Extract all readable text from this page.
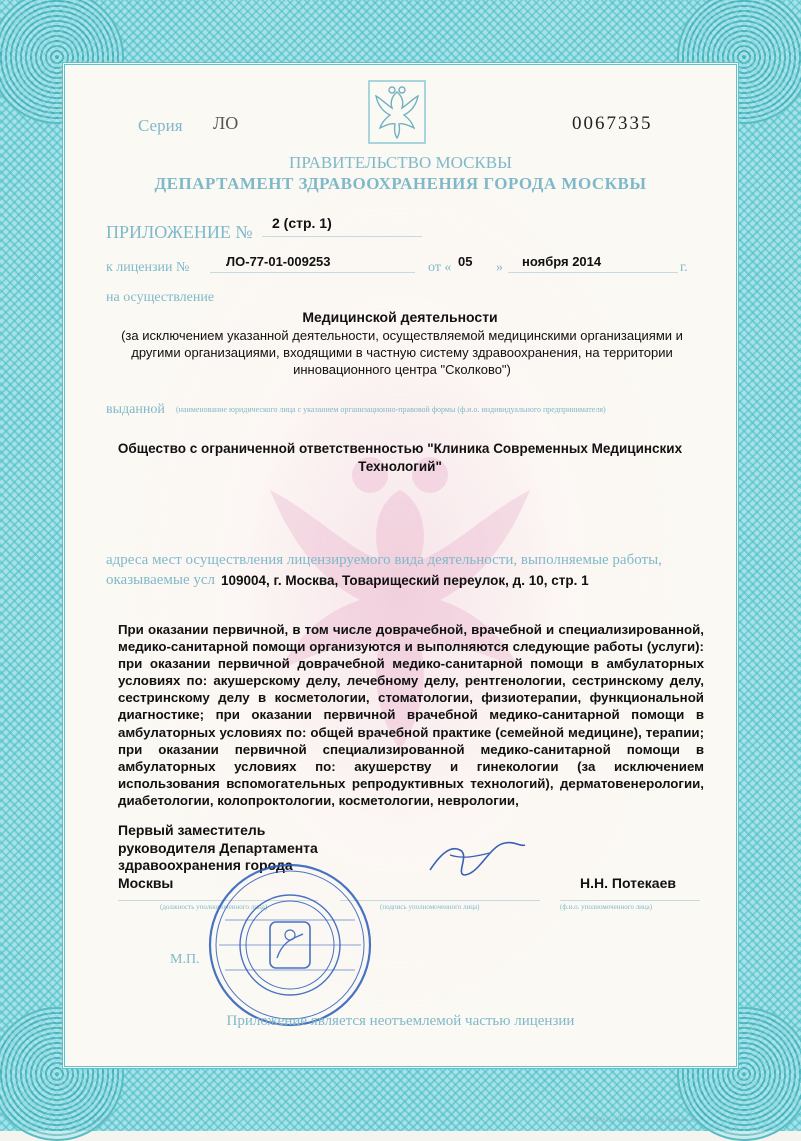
Серия ЛО	0067335
ПРАВИТЕЛЬСТВО МОСКВЫ
ДЕПАРТАМЕНТ ЗДРАВООХРАНЕНИЯ ГОРОДА МОСКВЫ
ПРИЛОЖЕНИЕ № 2 (стр. 1)
к лицензии №	ЛО-77-01-009253	от « 05 » ноября 2014	г.
на осуществление
Медицинской деятельности
(за исключением указанной деятельности, осуществляемой медицинскими организациями и другими организациями, входящими в частную систему здравоохранения, на территории инновационного центра "Сколково")
выданной (наименование юридического лица с указанием организационно-правовой формы (ф.и.о. индивидуального предпринимателя)
Общество с ограниченной ответственностью "Клиника Современных Медицинских Технологий"
адреса мест осуществления лицензируемого вида деятельности, выполняемые работы,
оказываемые усл 109004, г. Москва, Товарищеский переулок, д. 10, стр. 1
При оказании первичной, в том числе доврачебной, врачебной и специализированной, медико-санитарной помощи организуются и выполняются следующие работы (услуги): при оказании первичной доврачебной медико-санитарной помощи в амбулаторных условиях по: акушерскому делу, лечебному делу, рентгенологии, сестринскому делу, сестринскому делу в косметологии, стоматологии, физиотерапии, функциональной диагностике; при оказании первичной врачебной медико-санитарной помощи в амбулаторных условиях по: общей врачебной практике (семейной медицине), терапии; при оказании первичной специализированной медико-санитарной помощи в амбулаторных условиях по: акушерству и гинекологии (за исключением использования вспомогательных репродуктивных технологий), дерматовенерологии, диабетологии, колопроктологии, косметологии, неврологии,
Первый заместитель руководителя Департамента здравоохранения города Москвы	Н.Н. Потекаев
(должность уполномоченного лица)	(подпись уполномоченного лица)	(ф.и.о. уполномоченного лица)
М.П.
Приложение является неотъемлемой частью лицензии
А0014	ООО «ГТ ПРИ», г. Москва, 2014 год, уровень В
